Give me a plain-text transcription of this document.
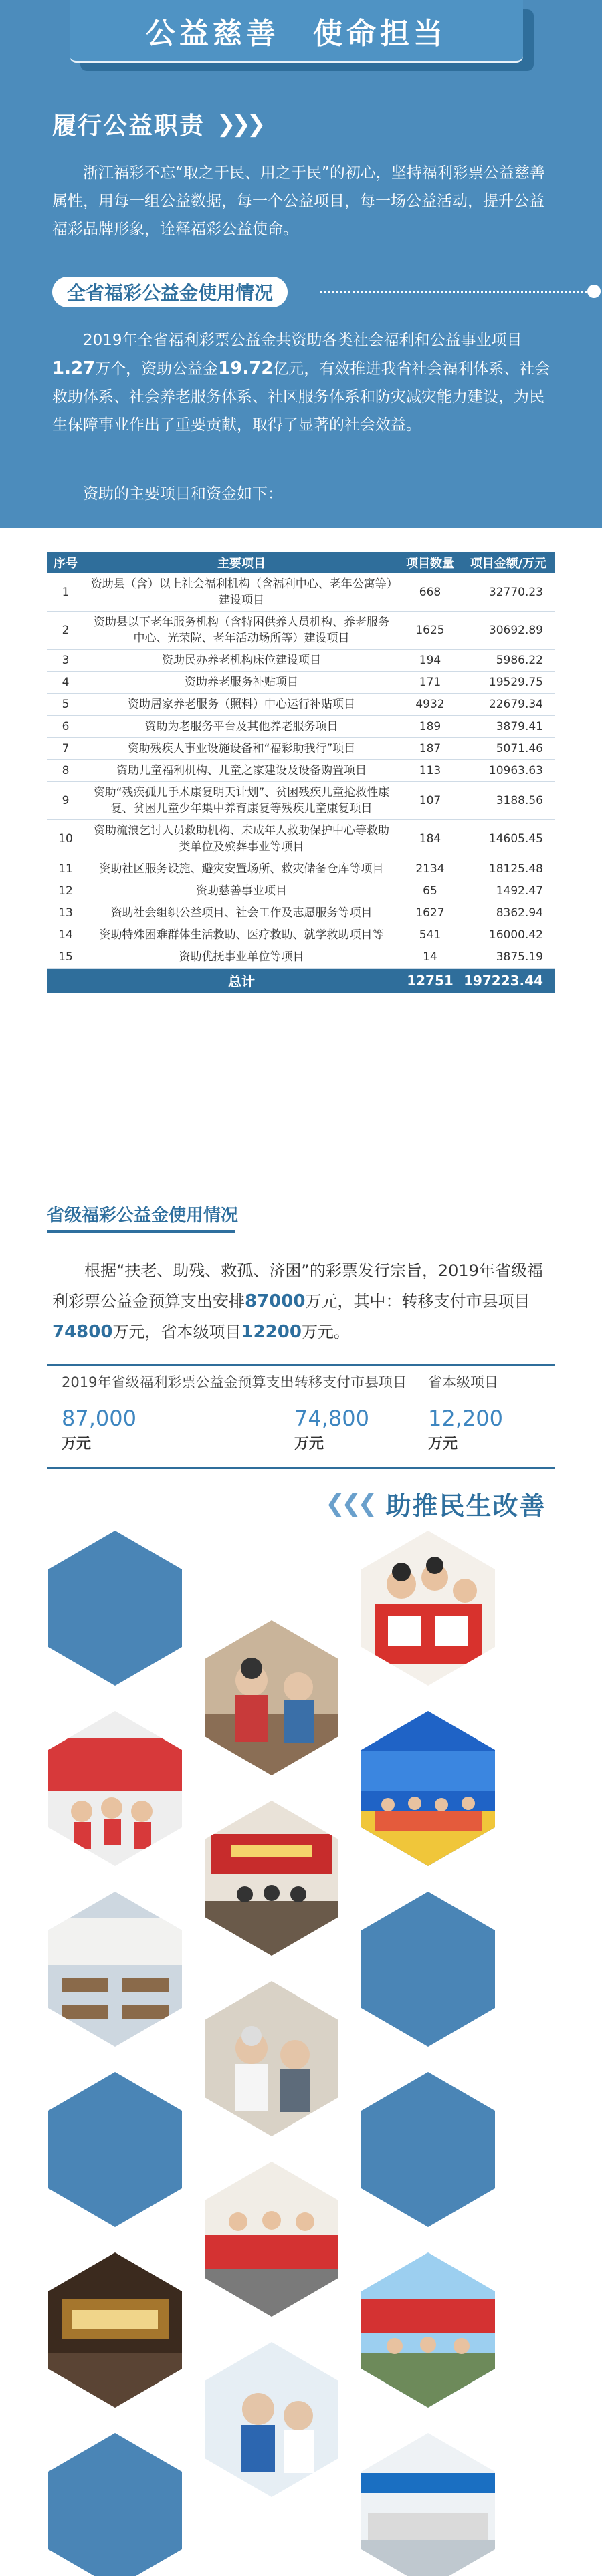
公益慈善 使命担当
履行公益职责 ❯
❯
❯

浙江福彩不忘“取之于民、用之于民”的初心，坚持福利彩票公益慈善属性，用每一组公益数据，每一个公益项目，每一场公益活动，提升公益福彩品牌形象，诠释福彩公益使命。

全省福彩公益金使用情况

2019年全省福利彩票公益金共资助各类社会福利和公益事业项目1.27万个，资助公益金19.72亿元，有效推进我省社会福利体系、社会救助体系、社会养老服务体系、社区服务体系和防灾减灾能力建设，为民生保障事业作出了重要贡献，取得了显著的社会效益。

资助的主要项目和资金如下：

序号	主要项目	项目数量	项目金额/万元
1	资助县（含）以上社会福利机构（含福利中心、老年公寓等）建设项目	668	32770.23
2	资助县以下老年服务机构（含特困供养人员机构、养老服务中心、光荣院、老年活动场所等）建设项目	1625	30692.89
3	资助民办养老机构床位建设项目	194	5986.22
4	资助养老服务补贴项目	171	19529.75
5	资助居家养老服务（照料）中心运行补贴项目	4932	22679.34
6	资助为老服务平台及其他养老服务项目	189	3879.41
7	资助残疾人事业设施设备和“福彩助我行”项目	187	5071.46
8	资助儿童福利机构、儿童之家建设及设备购置项目	113	10963.63
9	资助“残疾孤儿手术康复明天计划”、贫困残疾儿童抢救性康复、贫困儿童少年集中养育康复等残疾儿童康复项目	107	3188.56
10	资助流浪乞讨人员救助机构、未成年人救助保护中心等救助类单位及殡葬事业等项目	184	14605.45
11	资助社区服务设施、避灾安置场所、救灾储备仓库等项目	2134	18125.48
12	资助慈善事业项目	65	1492.47
13	资助社会组织公益项目、社会工作及志愿服务等项目	1627	8362.94
14	资助特殊困难群体生活救助、医疗救助、就学救助项目等	541	16000.42
15	资助优抚事业单位等项目	14	3875.19
	总计	12751	197223.44
省级福彩公益金使用情况

根据“扶老、助残、救孤、济困”的彩票发行宗旨，2019年省级福利彩票公益金预算支出安排87000万元，其中：转移支付市县项目74800万元，省本级项目12200万元。

2019年省级福利彩票公益金预算支出 转移支付市县项目	省本级项目
87,000
万元
74,800
万元
12,200
万元
❮
❮
❮ 助推民生改善
